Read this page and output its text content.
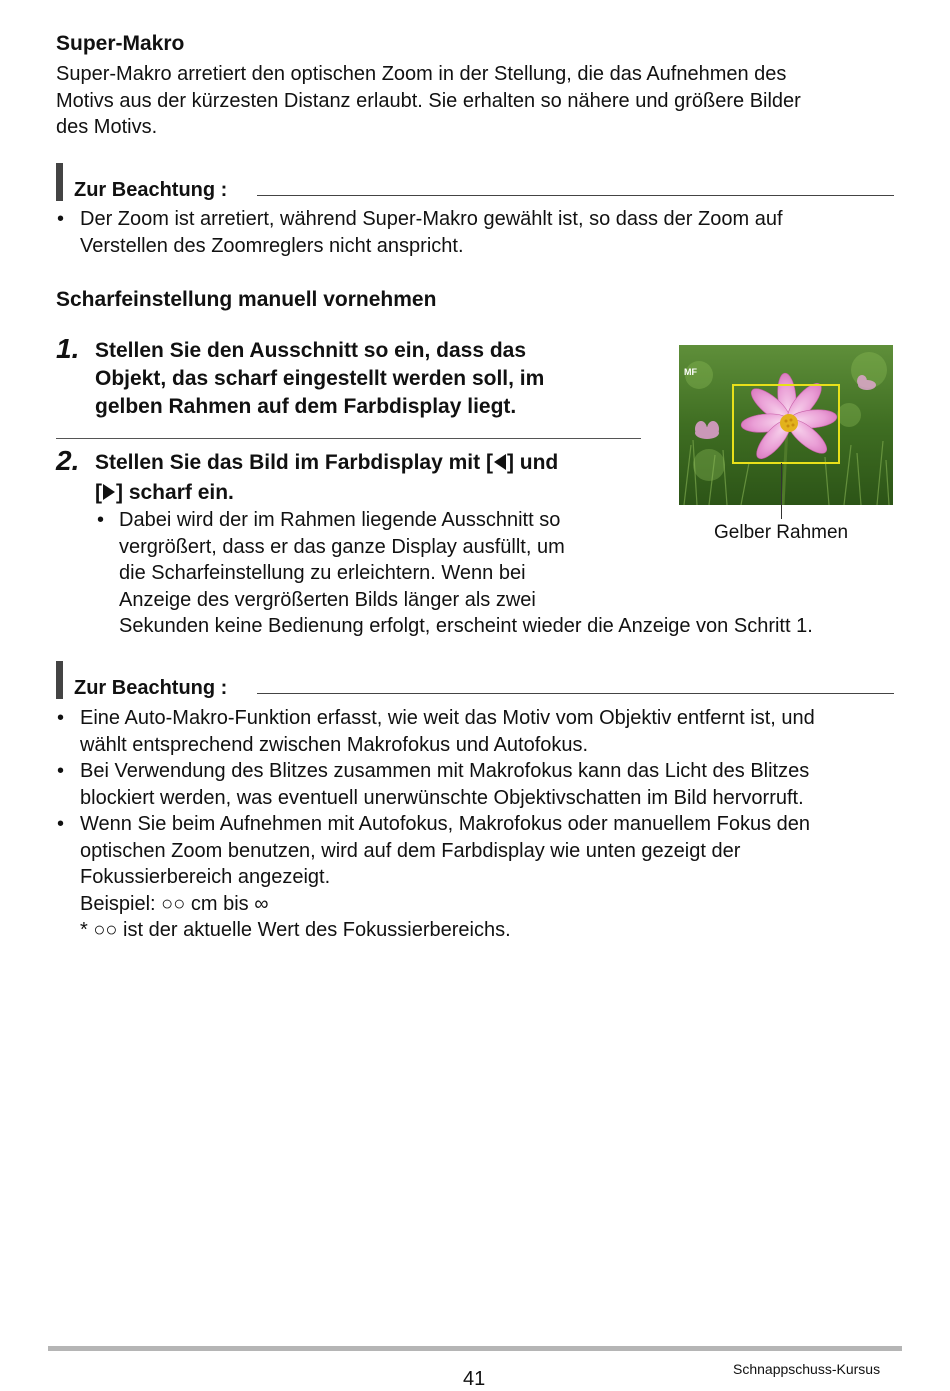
Super-Makro
Super-Makro arretiert den optischen Zoom in der Stellung, die das Aufnehmen des
Motivs aus der kürzesten Distanz erlaubt. Sie erhalten so nähere und größere Bilder
des Motivs.
Zur Beachtung :
• Der Zoom ist arretiert, während Super-Makro gewählt ist, so dass der Zoom auf
Verstellen des Zoomreglers nicht anspricht.
Scharfeinstellung manuell vornehmen
1. Stellen Sie den Ausschnitt so ein, dass das
Objekt, das scharf eingestellt werden soll, im
gelben Rahmen auf dem Farbdisplay liegt.
2. Stellen Sie das Bild im Farbdisplay mit [ ] und
[ ] scharf ein.
• Dabei wird der im Rahmen liegende Ausschnitt so
vergrößert, dass er das ganze Display ausfüllt, um
die Scharfeinstellung zu erleichtern. Wenn bei
Anzeige des vergrößerten Bilds länger als zwei
Sekunden keine Bedienung erfolgt, erscheint wieder die Anzeige von Schritt 1.
MF
Gelber Rahmen
Zur Beachtung :
• Eine Auto-Makro-Funktion erfasst, wie weit das Motiv vom Objektiv entfernt ist, und
wählt entsprechend zwischen Makrofokus und Autofokus.
• Bei Verwendung des Blitzes zusammen mit Makrofokus kann das Licht des Blitzes
blockiert werden, was eventuell unerwünschte Objektivschatten im Bild hervorruft.
• Wenn Sie beim Aufnehmen mit Autofokus, Makrofokus oder manuellem Fokus den
optischen Zoom benutzen, wird auf dem Farbdisplay wie unten gezeigt der
Fokussierbereich angezeigt.
Beispiel: ○○ cm bis ∞
* ○○ ist der aktuelle Wert des Fokussierbereichs.
41	Schnappschuss-Kursus
